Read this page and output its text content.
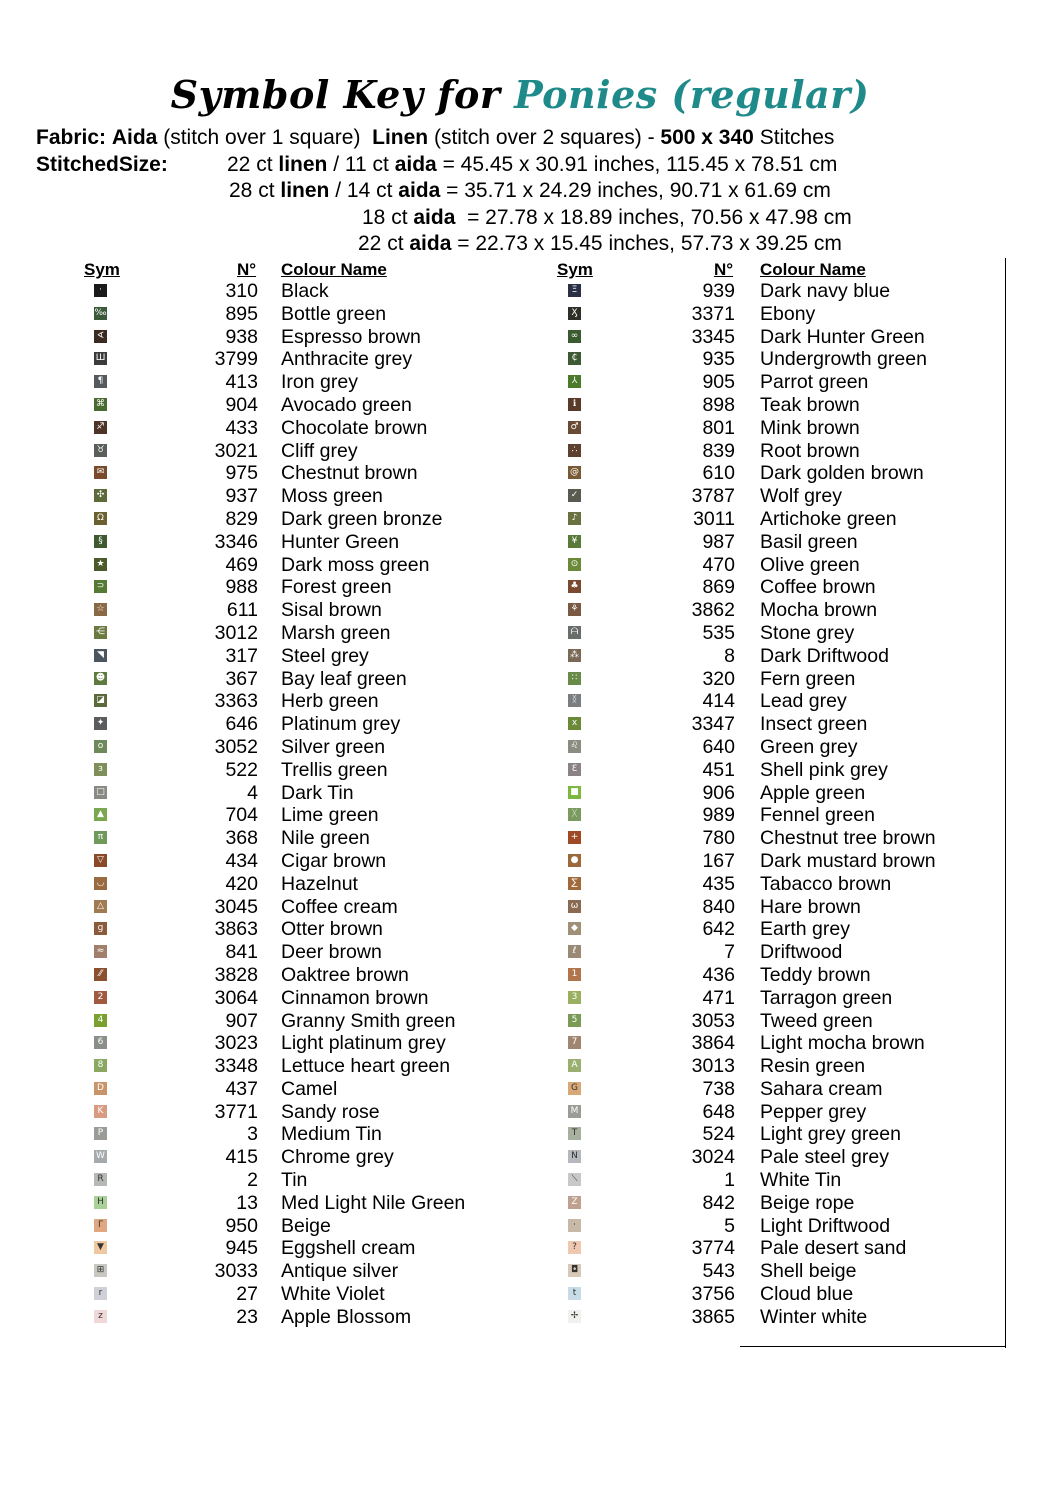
Symbol Key for Ponies (regular)
Fabric: Aida (stitch over 1 square) Linen (stitch over 2 squares) - 500 x 340 Stitches
StitchedSize:	22 ct linen / 11 ct aida = 45.45 x 30.91 inches, 115.45 x 78.51 cm
28 ct linen / 14 ct aida = 35.71 x 24.29 inches, 90.71 x 61.69 cm
18 ct aida  = 27.78 x 18.89 inches, 70.56 x 47.98 cm
22 ct aida = 22.73 x 15.45 inches, 57.73 x 39.25 cm
Sym	N° Colour Name	Sym	N° Colour Name
·	310 Black
‰	895 Bottle green
∢	938 Espresso brown
Ш	3799 Anthracite grey
¶	413 Iron grey
⌘	904 Avocado green
♐	433 Chocolate brown
♉	3021 Cliff grey
✉	975 Chestnut brown
✣	937 Moss green
Ω	829 Dark green bronze
§	3346 Hunter Green
★	469 Dark moss green
⊃	988 Forest green
☆	611 Sisal brown
⋲	3012 Marsh green
◥	317 Steel grey
☻	367 Bay leaf green
◪	3363 Herb green
✦	646 Platinum grey
o	3052 Silver green
ɜ	522 Trellis green
□	4 Dark Tin
▲	704 Lime green
π	368 Nile green
▽	434 Cigar brown
◡	420 Hazelnut
△	3045 Coffee cream
g	3863 Otter brown
≈	841 Deer brown
⁄⁄	3828 Oaktree brown
2	3064 Cinnamon brown
4	907 Granny Smith green
6	3023 Light platinum grey
8	3348 Lettuce heart green
D	437 Camel
K	3771 Sandy rose
P	3 Medium Tin
W	415 Chrome grey
R	2 Tin
H	13 Med Light Nile Green
Γ	950 Beige
▼	945 Eggshell cream
⊞	3033 Antique silver
r	27 White Violet
z	23 Apple Blossom
Ξ	939 Dark navy blue
Ӽ	3371 Ebony
∞	3345 Dark Hunter Green
₵	935 Undergrowth green
⅄	905 Parrot green
ℹ	898 Teak brown
♂	801 Mink brown
∴	839 Root brown
@	610 Dark golden brown
✓	3787 Wolf grey
♪	3011 Artichoke green
¥	987 Basil green
⊙	470 Olive green
♣	869 Coffee brown
⚘	3862 Mocha brown
ᗩ	535 Stone grey
⁂	8 Dark Driftwood
∷	320 Fern green
ᛝ	414 Lead grey
x	3347 Insect green
♌	640 Green grey
Ɛ	451 Shell pink grey
■	906 Apple green
ᚷ	989 Fennel green
+	780 Chestnut tree brown
●	167 Dark mustard brown
∑	435 Tabacco brown
ω	840 Hare brown
◆	642 Earth grey
ℓ	7 Driftwood
1	436 Teddy brown
3	471 Tarragon green
5	3053 Tweed green
7	3864 Light mocha brown
A	3013 Resin green
G	738 Sahara cream
M	648 Pepper grey
T	524 Light grey green
N	3024 Pale steel grey
⟍	1 White Tin
Z	842 Beige rope
⸱	5 Light Driftwood
?	3774 Pale desert sand
◘	543 Shell beige
t	3756 Cloud blue
✢	3865 Winter white
